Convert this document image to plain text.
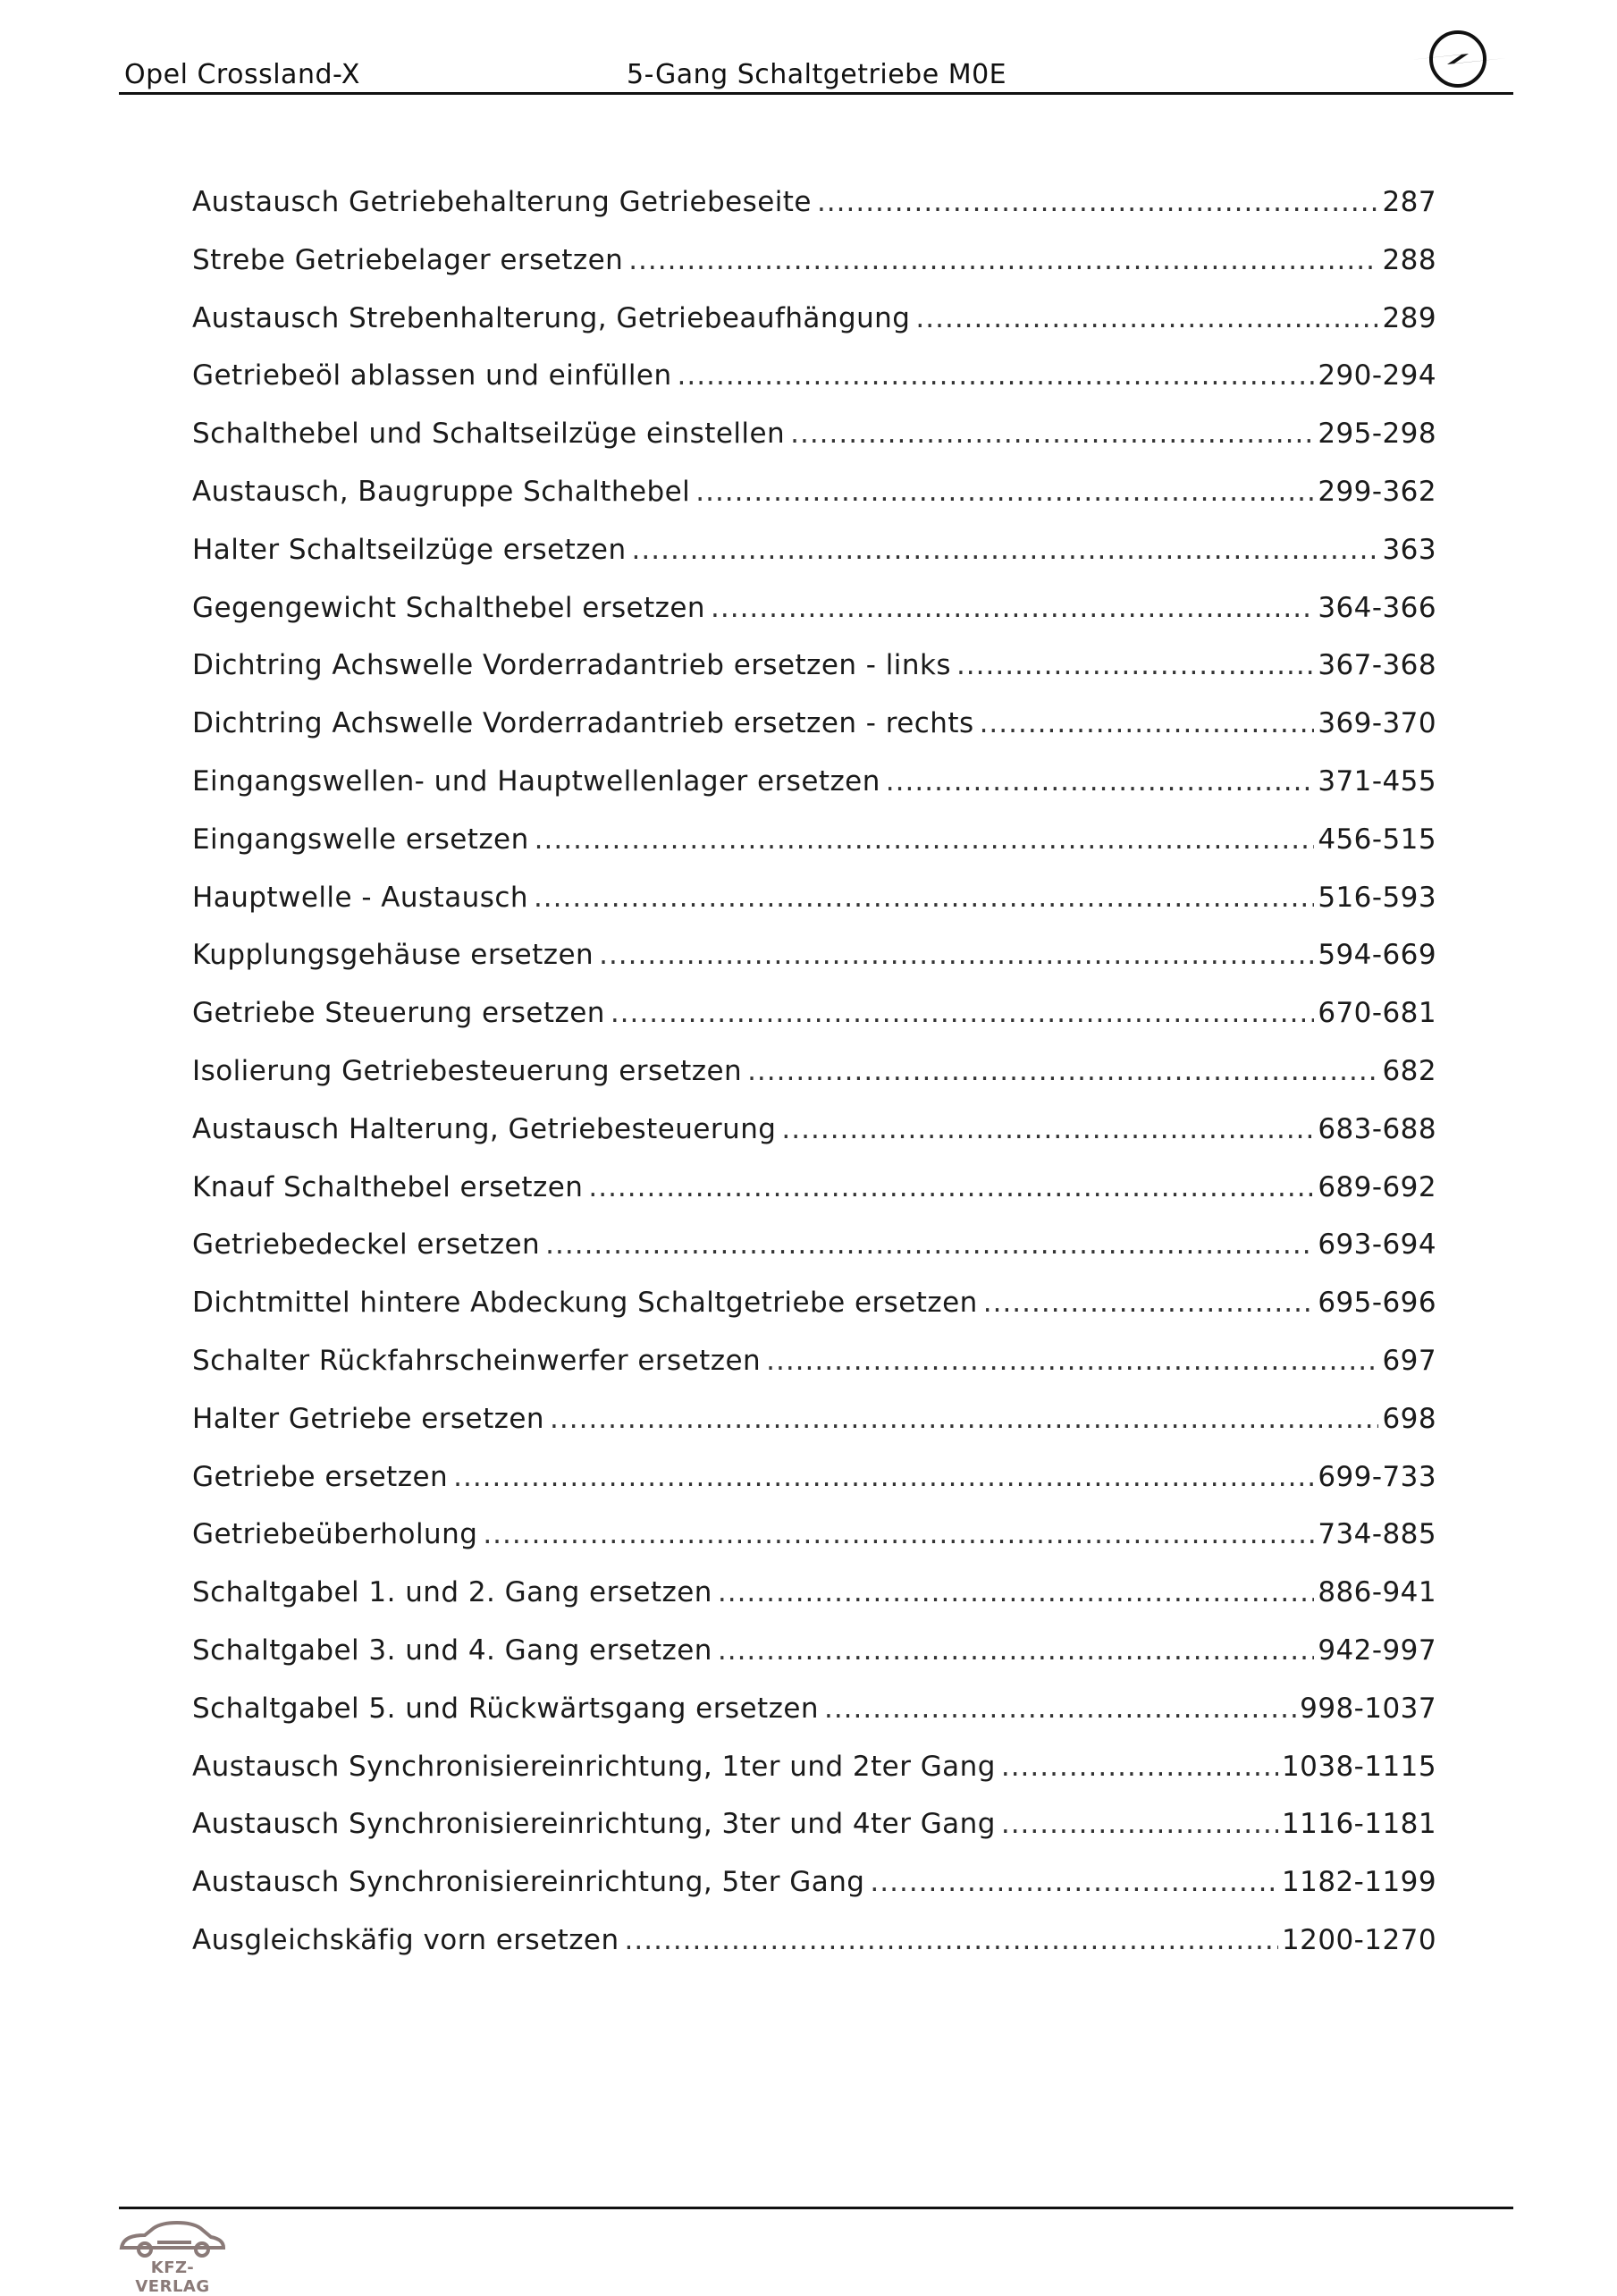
Opel Crossland-X	5-Gang Schaltgetriebe M0E
Austausch Getriebehalterung Getriebeseite .....	287
Strebe Getriebelager ersetzen .....	288
Austausch Strebenhalterung, Getriebeaufhängung .....	289
Getriebeöl ablassen und einfüllen .....	290-294
Schalthebel und Schaltseilzüge einstellen .....	295-298
Austausch, Baugruppe Schalthebel .....	299-362
Halter Schaltseilzüge ersetzen .....	363
Gegengewicht Schalthebel ersetzen .....	364-366
Dichtring Achswelle Vorderradantrieb ersetzen - links .....	367-368
Dichtring Achswelle Vorderradantrieb ersetzen - rechts .....	369-370
Eingangswellen- und Hauptwellenlager ersetzen .....	371-455
Eingangswelle ersetzen .....	456-515
Hauptwelle - Austausch .....	516-593
Kupplungsgehäuse ersetzen .....	594-669
Getriebe Steuerung ersetzen .....	670-681
Isolierung Getriebesteuerung ersetzen .....	682
Austausch Halterung, Getriebesteuerung .....	683-688
Knauf Schalthebel ersetzen .....	689-692
Getriebedeckel ersetzen .....	693-694
Dichtmittel hintere Abdeckung Schaltgetriebe ersetzen .....	695-696
Schalter Rückfahrscheinwerfer ersetzen .....	697
Halter Getriebe ersetzen .....	698
Getriebe ersetzen .....	699-733
Getriebeüberholung .....	734-885
Schaltgabel 1. und 2. Gang ersetzen .....	886-941
Schaltgabel 3. und 4. Gang ersetzen .....	942-997
Schaltgabel 5. und Rückwärtsgang ersetzen .....	998-1037
Austausch Synchronisiereinrichtung, 1ter und 2ter Gang .....	1038-1115
Austausch Synchronisiereinrichtung, 3ter und 4ter Gang .....	1116-1181
Austausch Synchronisiereinrichtung, 5ter Gang .....	1182-1199
Ausgleichskäfig vorn ersetzen .....	1200-1270
KFZ-VERLAG
